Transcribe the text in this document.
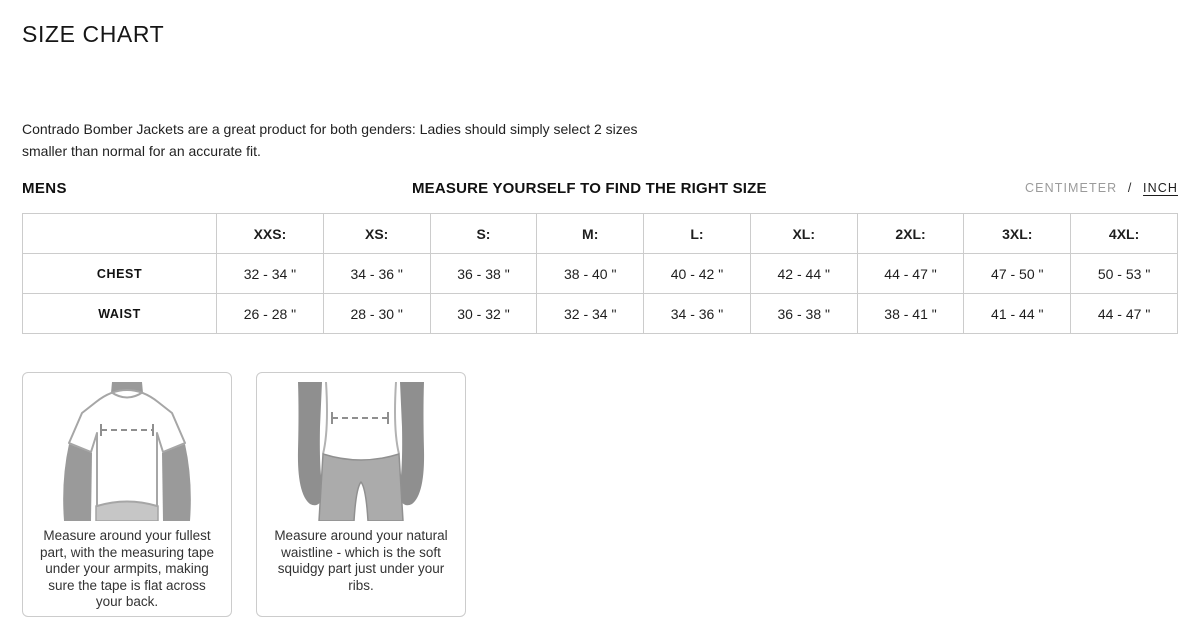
SIZE CHART

Contrado Bomber Jackets are a great product for both genders: Ladies should simply select 2 sizes smaller than normal for an accurate fit.

MENS	MEASURE YOURSELF TO FIND THE RIGHT SIZE	CENTIMETER / INCH
	XXS:	XS:	S:	M:	L:	XL:	2XL:	3XL:	4XL:
CHEST	32 - 34 "	34 - 36 "	36 - 38 "	38 - 40 "	40 - 42 "	42 - 44 "	44 - 47 "	47 - 50 "	50 - 53 "
WAIST	26 - 28 "	28 - 30 "	30 - 32 "	32 - 34 "	34 - 36 "	36 - 38 "	38 - 41 "	41 - 44 "	44 - 47 "
Measure around your fullest part, with the measuring tape under your armpits, making sure the tape is flat across your back.
Measure around your natural waistline - which is the soft squidgy part just under your ribs.
